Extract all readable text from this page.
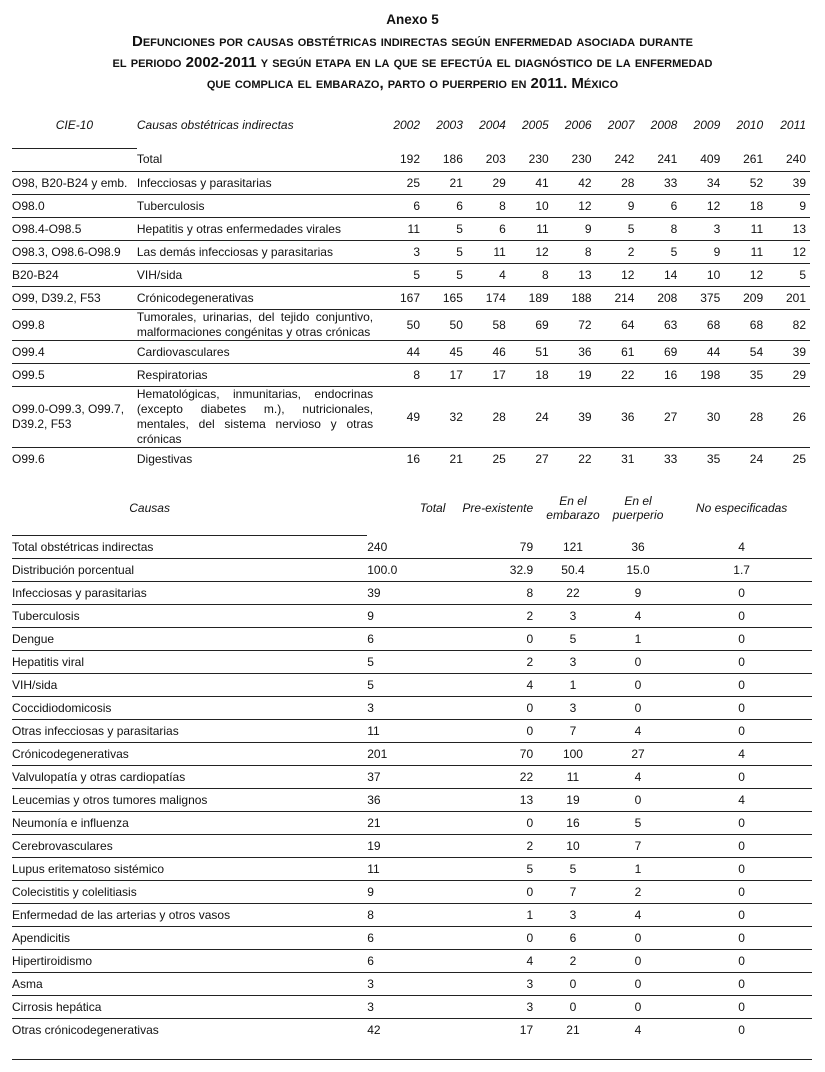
Anexo 5
Defunciones por causas obstétricas indirectas según enfermedad asociada durante
el periodo 2002-2011 y según etapa en la que se efectúa el diagnóstico de la enfermedad
que complica el embarazo, parto o puerperio en 2011. México
CIE-10	Causas obstétricas indirectas	2002	2003	2004	2005	2006	2007	2008	2009	2010	2011

	Total	192	186	203	230	230	242	241	409	261	240
O98, B20-B24 y emb.	Infecciosas y parasitarias	25	21	29	41	42	28	33	34	52	39
O98.0	Tuberculosis	6	6	8	10	12	9	6	12	18	9
O98.4-O98.5	Hepatitis y otras enfermedades virales	11	5	6	11	9	5	8	3	11	13
O98.3, O98.6-O98.9	Las demás infecciosas y parasitarias	3	5	11	12	8	2	5	9	11	12
B20-B24	VIH/sida	5	5	4	8	13	12	14	10	12	5
O99, D39.2, F53	Crónicodegenerativas	167	165	174	189	188	214	208	375	209	201
O99.8	Tumorales, urinarias, del tejido conjuntivo, malformaciones congénitas y otras crónicas	50	50	58	69	72	64	63	68	68	82
O99.4	Cardiovasculares	44	45	46	51	36	61	69	44	54	39
O99.5	Respiratorias	8	17	17	18	19	22	16	198	35	29
O99.0-O99.3, O99.7, D39.2, F53	Hematológicas, inmunitarias, endocrinas (excepto diabetes m.), nutricionales, mentales, del sistema nervioso y otras crónicas	49	32	28	24	39	36	27	30	28	26
O99.6	Digestivas	16	21	25	27	22	31	33	35	24	25
Causas	Total	Pre-existente	En el embarazo	En el puerperio	No especificadas

Total obstétricas indirectas	240	79	121	36	4
Distribución porcentual	100.0	32.9	50.4	15.0	1.7
Infecciosas y parasitarias	39	8	22	9	0
Tuberculosis	9	2	3	4	0
Dengue	6	0	5	1	0
Hepatitis viral	5	2	3	0	0
VIH/sida	5	4	1	0	0
Coccidiodomicosis	3	0	3	0	0
Otras infecciosas y parasitarias	11	0	7	4	0
Crónicodegenerativas	201	70	100	27	4
Valvulopatía y otras cardiopatías	37	22	11	4	0
Leucemias y otros tumores malignos	36	13	19	0	4
Neumonía e influenza	21	0	16	5	0
Cerebrovasculares	19	2	10	7	0
Lupus eritematoso sistémico	11	5	5	1	0
Colecistitis y colelitiasis	9	0	7	2	0
Enfermedad de las arterias y otros vasos	8	1	3	4	0
Apendicitis	6	0	6	0	0
Hipertiroidismo	6	4	2	0	0
Asma	3	3	0	0	0
Cirrosis hepática	3	3	0	0	0
Otras crónicodegenerativas	42	17	21	4	0
